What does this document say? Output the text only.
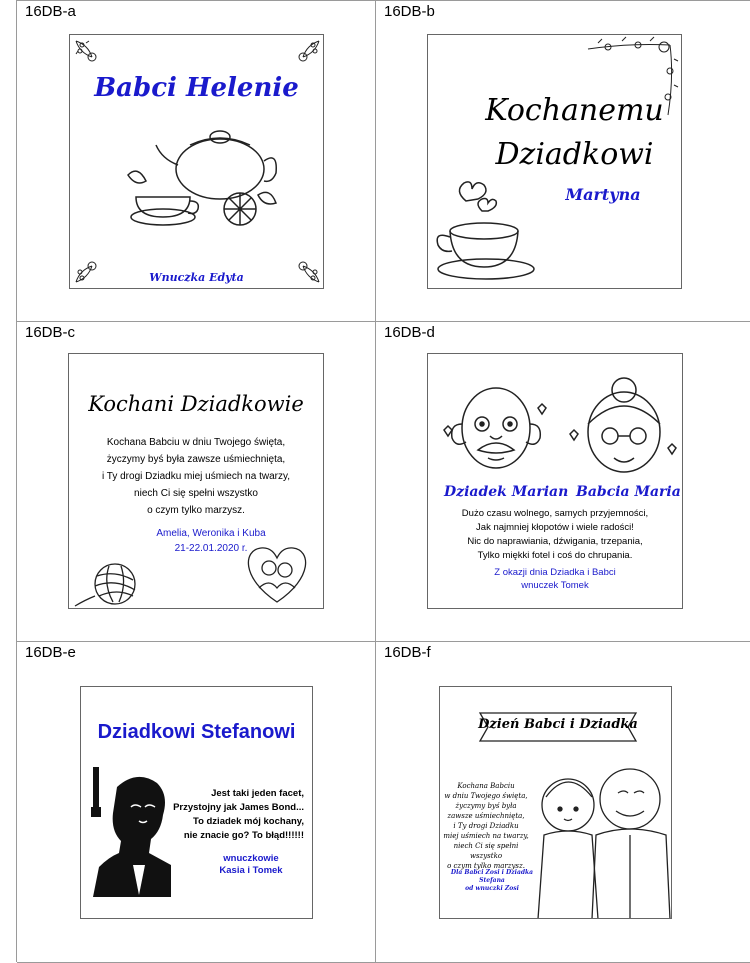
16DB-a
Babci Helenie
Wnuczka Edyta
16DB-b
Kochanemu
Dziadkowi
Martyna
16DB-c
Kochani Dziadkowie
Kochana Babciu w dniu Twojego święta,
życzymy byś była zawsze uśmiechnięta,
i Ty drogi Dziadku miej uśmiech na twarzy,
niech Ci się spełni wszystko
o czym tylko marzysz.
Amelia, Weronika i Kuba
21-22.01.2020 r.
16DB-d
Dziadek Marian Babcia Maria
Dużo czasu wolnego, samych przyjemności,
Jak najmniej kłopotów i wiele radości!
Nic do naprawiania, dźwigania, trzepania,
Tylko miękki fotel i coś do chrupania.
Z okazji dnia Dziadka i Babci
wnuczek Tomek
16DB-e
Dziadkowi Stefanowi
Jest taki jeden facet,
Przystojny jak James Bond...
To dziadek mój kochany,
nie znacie go? To błąd!!!!!!
wnuczkowie
Kasia i Tomek
16DB-f
Dzień Babci i Dziadka
Kochana Babciu
w dniu Twojego święta,
życzymy byś była
zawsze uśmiechnięta,
i Ty drogi Dziadku
miej uśmiech na twarzy,
niech Ci się spełni wszystko
o czym tylko marzysz.
Dla Babci Zosi i Dziadka Stefana
od wnuczki Zosi
